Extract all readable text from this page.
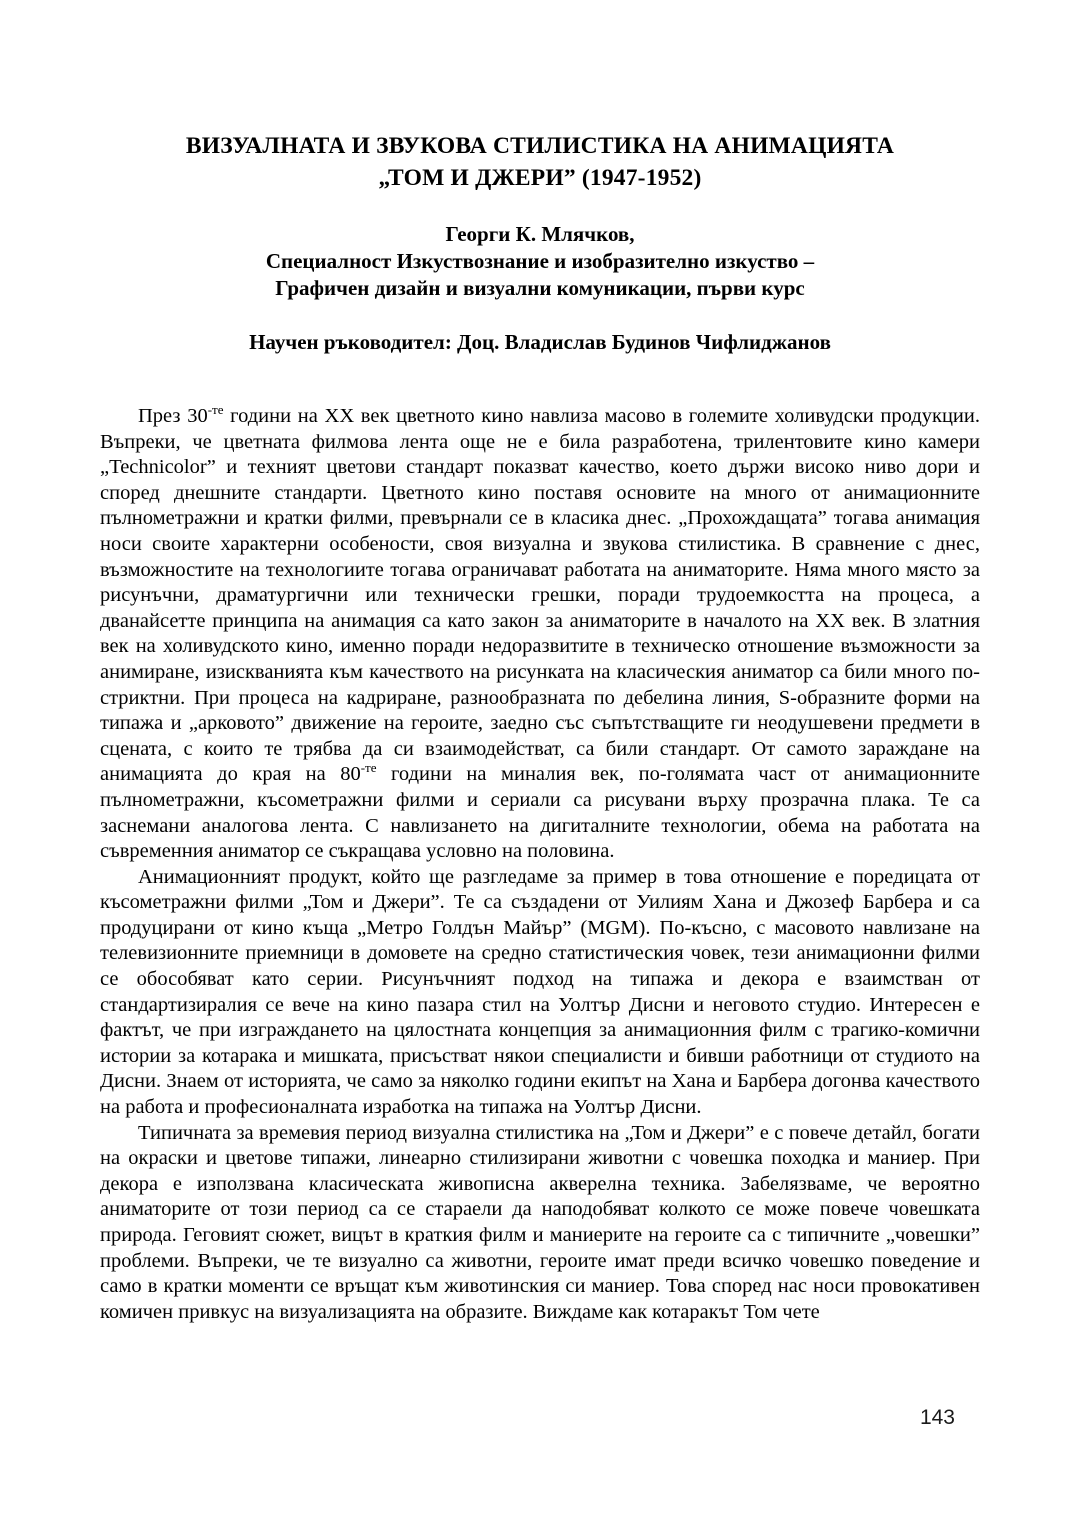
ВИЗУАЛНАТА И ЗВУКОВА СТИЛИСТИКА НА АНИМАЦИЯТА
„ТОМ И ДЖЕРИ” (1947-1952)
Георги К. Млячков,
Специалност Изкуствознание и изобразително изкуство –
Графичен дизайн и визуални комуникации, първи курс
Научен ръководител: Доц. Владислав Будинов Чифлиджанов

През $30^{-те}$ години на ХХ век цветното кино навлиза масово в големите холивудски продукции. Въпреки, че цветната филмова лента още не е била разработена, трилентовите кино камери „Technicolor” и техният цветови стандарт показват качество, което държи високо ниво дори и според днешните стандарти. Цветното кино поставя основите на много от анимационните пълнометражни и кратки филми, превърнали се в класика днес. „Прохождащата” тогава анимация носи своите характерни особености, своя визуална и звукова стилистика. В сравнение с днес, възможностите на технологиите тогава ограничават работата на аниматорите. Няма много място за рисунъчни, драматургични или технически грешки, поради трудоемкостта на процеса, а дванайсетте принципа на анимация са като закон за аниматорите в началото на ХХ век. В златния век на холивудското кино, именно поради недоразвитите в техническо отношение възможности за анимиране, изискванията към качеството на рисунката на класическия аниматор са били много по-стриктни. При процеса на кадриране, разнообразната по дебелина линия, S-образните форми на типажа и „арковото” движение на героите, заедно със съпътстващите ги неодушевени предмети в сцената, с които те трябва да си взаимодействат, са били стандарт. От самото зараждане на анимацията до края на $80^{-те}$ години на миналия век, по-голямата част от анимационните пълнометражни, късометражни филми и сериали са рисувани върху прозрачна плака. Те са заснемани аналогова лента. С навлизането на дигиталните технологии, обема на работата на съвременния аниматор се съкращава условно на половина.

Анимационният продукт, който ще разгледаме за пример в това отношение е поредицата от късометражни филми „Том и Джери”. Те са създадени от Уилиям Хана и Джозеф Барбера и са продуцирани от кино къща „Метро Голдън Майър” (MGM). По-късно, с масовото навлизане на телевизионните приемници в домовете на средно статистическия човек, тези анимационни филми се обособяват като серии. Рисунъчният подход на типажа и декора е взаимстван от стандартизиралия се вече на кино пазара стил на Уолтър Дисни и неговото студио. Интересен е фактът, че при изграждането на цялостната концепция за анимационния филм с трагико-комични истории за котарака и мишката, присъстват някои специалисти и бивши работници от студиото на Дисни. Знаем от историята, че само за няколко години екипът на Хана и Барбера догонва качеството на работа и професионалната изработка на типажа на Уолтър Дисни.

Типичната за времевия период визуална стилистика на „Том и Джери” е с повече детайл, богати на окраски и цветове типажи, линеарно стилизирани животни с човешка походка и маниер. При декора е използвана класическата живописна акверелна техника. Забелязваме, че вероятно аниматорите от този период са се стараели да наподобяват колкото се може повече човешката природа. Геговият сюжет, вицът в краткия филм и маниерите на героите са с типичните „човешки” проблеми. Въпреки, че те визуално са животни, героите имат преди всичко човешко поведение и само в кратки моменти се връщат към животинския си маниер. Това според нас носи провокативен комичен привкус на визуализацията на образите. Виждаме как котаракът Том чете

143
